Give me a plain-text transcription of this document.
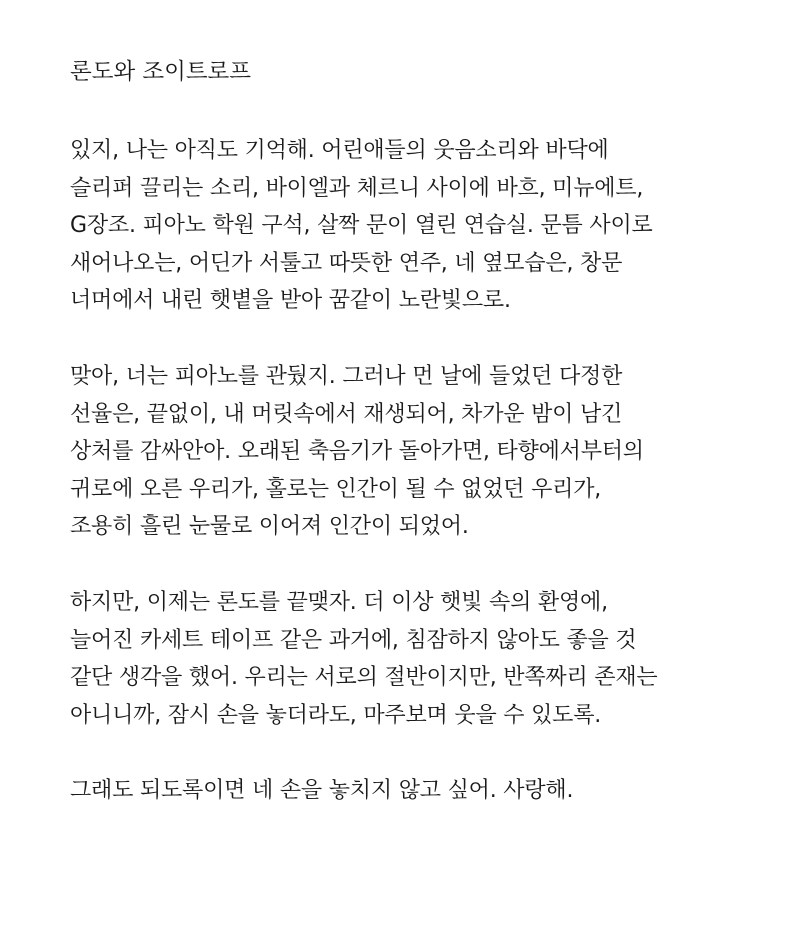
론도와 조이트로프
있지, 나는 아직도 기억해. 어린애들의 웃음소리와 바닥에
슬리퍼 끌리는 소리, 바이엘과 체르니 사이에 바흐, 미뉴에트,
G장조. 피아노 학원 구석, 살짝 문이 열린 연습실. 문틈 사이로
새어나오는, 어딘가 서툴고 따뜻한 연주, 네 옆모습은, 창문
너머에서 내린 햇볕을 받아 꿈같이 노란빛으로.
맞아, 너는 피아노를 관뒀지. 그러나 먼 날에 들었던 다정한
선율은, 끝없이, 내 머릿속에서 재생되어, 차가운 밤이 남긴
상처를 감싸안아. 오래된 축음기가 돌아가면, 타향에서부터의
귀로에 오른 우리가, 홀로는 인간이 될 수 없었던 우리가,
조용히 흘린 눈물로 이어져 인간이 되었어.
하지만, 이제는 론도를 끝맺자. 더 이상 햇빛 속의 환영에,
늘어진 카세트 테이프 같은 과거에, 침잠하지 않아도 좋을 것
같단 생각을 했어. 우리는 서로의 절반이지만, 반쪽짜리 존재는
아니니까, 잠시 손을 놓더라도, 마주보며 웃을 수 있도록.
그래도 되도록이면 네 손을 놓치지 않고 싶어. 사랑해.
